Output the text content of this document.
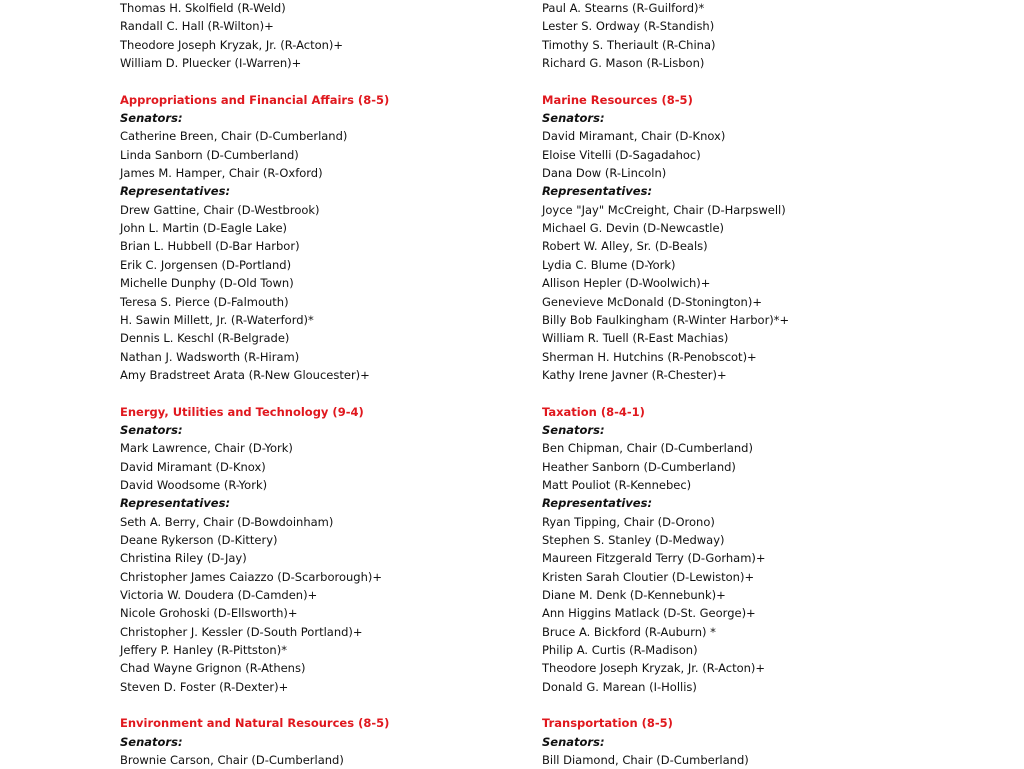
Thomas H. Skolfield (R-Weld)
Randall C. Hall (R-Wilton)+
Theodore Joseph Kryzak, Jr. (R-Acton)+
William D. Pluecker (I-Warren)+
Appropriations and Financial Affairs (8-5)
Senators:
Catherine Breen, Chair (D-Cumberland)
Linda Sanborn (D-Cumberland)
James M. Hamper, Chair (R-Oxford)
Representatives:
Drew Gattine, Chair (D-Westbrook)
John L. Martin (D-Eagle Lake)
Brian L. Hubbell (D-Bar Harbor)
Erik C. Jorgensen (D-Portland)
Michelle Dunphy (D-Old Town)
Teresa S. Pierce (D-Falmouth)
H. Sawin Millett, Jr. (R-Waterford)*
Dennis L. Keschl (R-Belgrade)
Nathan J. Wadsworth (R-Hiram)
Amy Bradstreet Arata (R-New Gloucester)+
Energy, Utilities and Technology (9-4)
Senators:
Mark Lawrence, Chair (D-York)
David Miramant (D-Knox)
David Woodsome (R-York)
Representatives:
Seth A. Berry, Chair (D-Bowdoinham)
Deane Rykerson (D-Kittery)
Christina Riley (D-Jay)
Christopher James Caiazzo (D-Scarborough)+
Victoria W. Doudera (D-Camden)+
Nicole Grohoski (D-Ellsworth)+
Christopher J. Kessler (D-South Portland)+
Jeffery P. Hanley (R-Pittston)*
Chad Wayne Grignon (R-Athens)
Steven D. Foster (R-Dexter)+
Environment and Natural Resources (8-5)
Senators:
Brownie Carson, Chair (D-Cumberland)
Paul A. Stearns (R-Guilford)*
Lester S. Ordway (R-Standish)
Timothy S. Theriault (R-China)
Richard G. Mason (R-Lisbon)
Marine Resources (8-5)
Senators:
David Miramant, Chair (D-Knox)
Eloise Vitelli (D-Sagadahoc)
Dana Dow (R-Lincoln)
Representatives:
Joyce "Jay" McCreight, Chair (D-Harpswell)
Michael G. Devin (D-Newcastle)
Robert W. Alley, Sr. (D-Beals)
Lydia C. Blume (D-York)
Allison Hepler (D-Woolwich)+
Genevieve McDonald (D-Stonington)+
Billy Bob Faulkingham (R-Winter Harbor)*+
William R. Tuell (R-East Machias)
Sherman H. Hutchins (R-Penobscot)+
Kathy Irene Javner (R-Chester)+
Taxation (8-4-1)
Senators:
Ben Chipman, Chair (D-Cumberland)
Heather Sanborn (D-Cumberland)
Matt Pouliot (R-Kennebec)
Representatives:
Ryan Tipping, Chair (D-Orono)
Stephen S. Stanley (D-Medway)
Maureen Fitzgerald Terry (D-Gorham)+
Kristen Sarah Cloutier (D-Lewiston)+
Diane M. Denk (D-Kennebunk)+
Ann Higgins Matlack (D-St. George)+
Bruce A. Bickford (R-Auburn) *
Philip A. Curtis (R-Madison)
Theodore Joseph Kryzak, Jr. (R-Acton)+
Donald G. Marean (I-Hollis)
Transportation (8-5)
Senators:
Bill Diamond, Chair (D-Cumberland)
